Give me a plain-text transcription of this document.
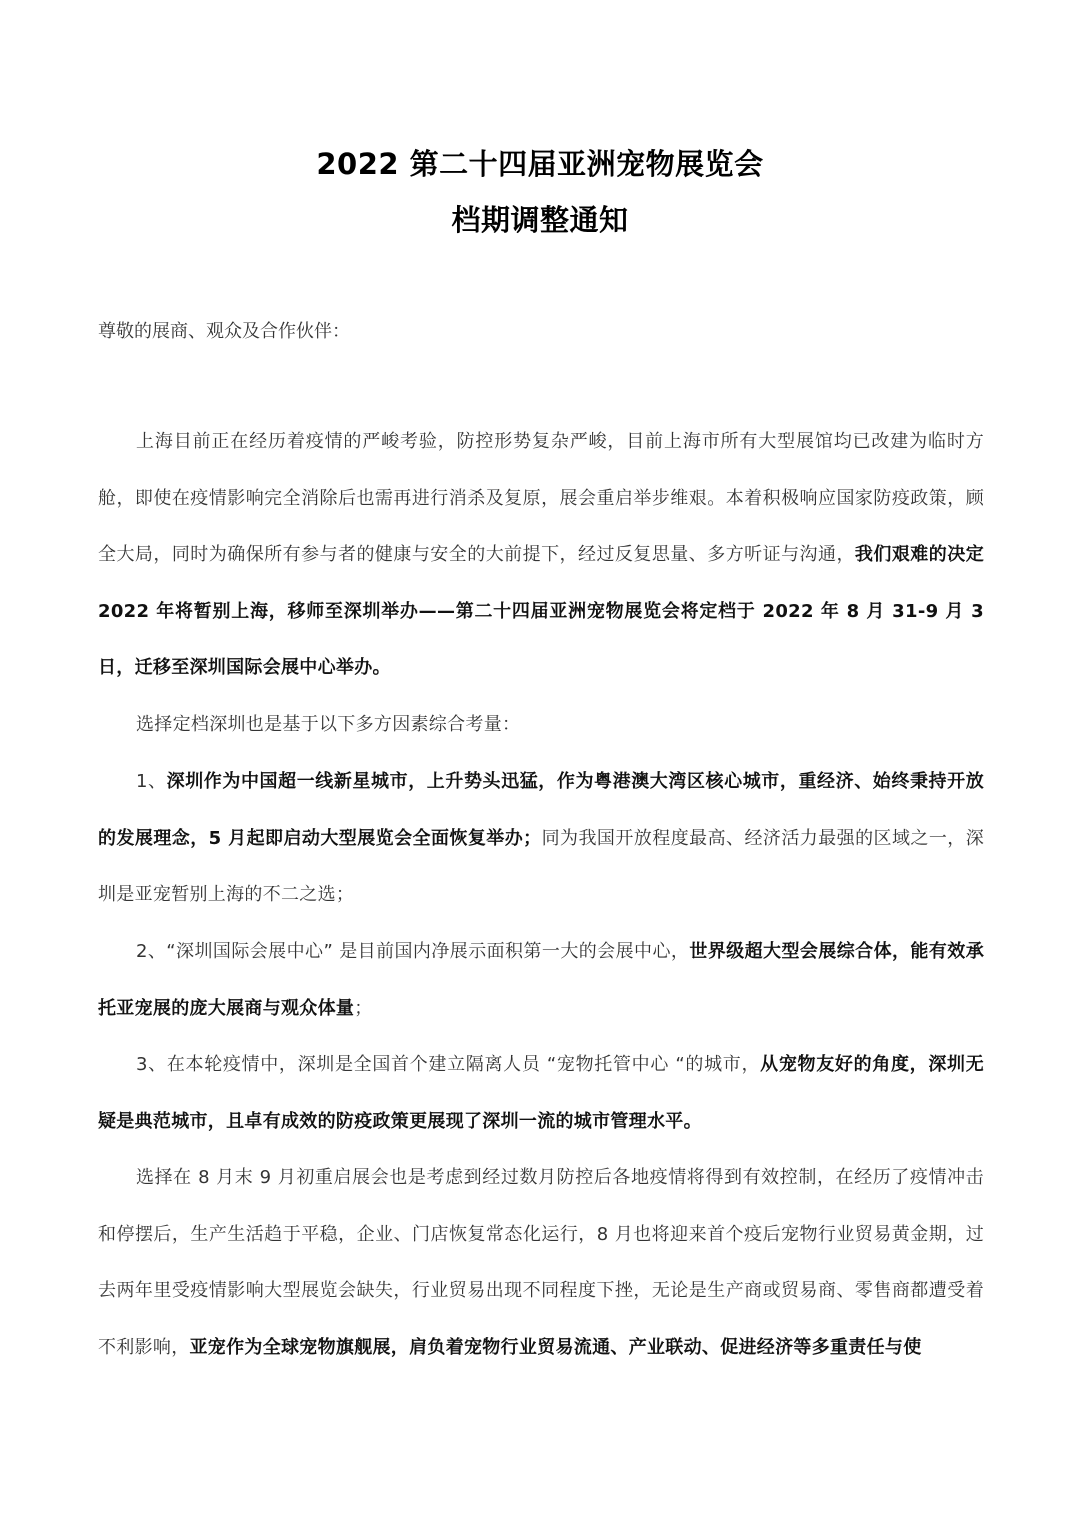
2022 第二十四届亚洲宠物展览会
档期调整通知
尊敬的展商、观众及合作伙伴：

上海目前正在经历着疫情的严峻考验，防控形势复杂严峻，目前上海市所有大型展馆均已改建为临时方舱，即使在疫情影响完全消除后也需再进行消杀及复原，展会重启举步维艰。本着积极响应国家防疫政策，顾全大局，同时为确保所有参与者的健康与安全的大前提下，经过反复思量、多方听证与沟通，我们艰难的决定 2022 年将暂别上海，移师至深圳举办——第二十四届亚洲宠物展览会将定档于 2022 年 8 月 31-9 月 3 日，迁移至深圳国际会展中心举办。

选择定档深圳也是基于以下多方因素综合考量：

1、深圳作为中国超一线新星城市，上升势头迅猛，作为粤港澳大湾区核心城市，重经济、始终秉持开放的发展理念，5 月起即启动大型展览会全面恢复举办；同为我国开放程度最高、经济活力最强的区域之一，深圳是亚宠暂别上海的不二之选；

2、“深圳国际会展中心” 是目前国内净展示面积第一大的会展中心，世界级超大型会展综合体，能有效承托亚宠展的庞大展商与观众体量；

3、在本轮疫情中，深圳是全国首个建立隔离人员 “宠物托管中心 “的城市，从宠物友好的角度，深圳无疑是典范城市，且卓有成效的防疫政策更展现了深圳一流的城市管理水平。

选择在 8 月末 9 月初重启展会也是考虑到经过数月防控后各地疫情将得到有效控制，在经历了疫情冲击和停摆后，生产生活趋于平稳，企业、门店恢复常态化运行，8 月也将迎来首个疫后宠物行业贸易黄金期，过去两年里受疫情影响大型展览会缺失，行业贸易出现不同程度下挫，无论是生产商或贸易商、零售商都遭受着不利影响，亚宠作为全球宠物旗舰展，肩负着宠物行业贸易流通、产业联动、促进经济等多重责任与使
